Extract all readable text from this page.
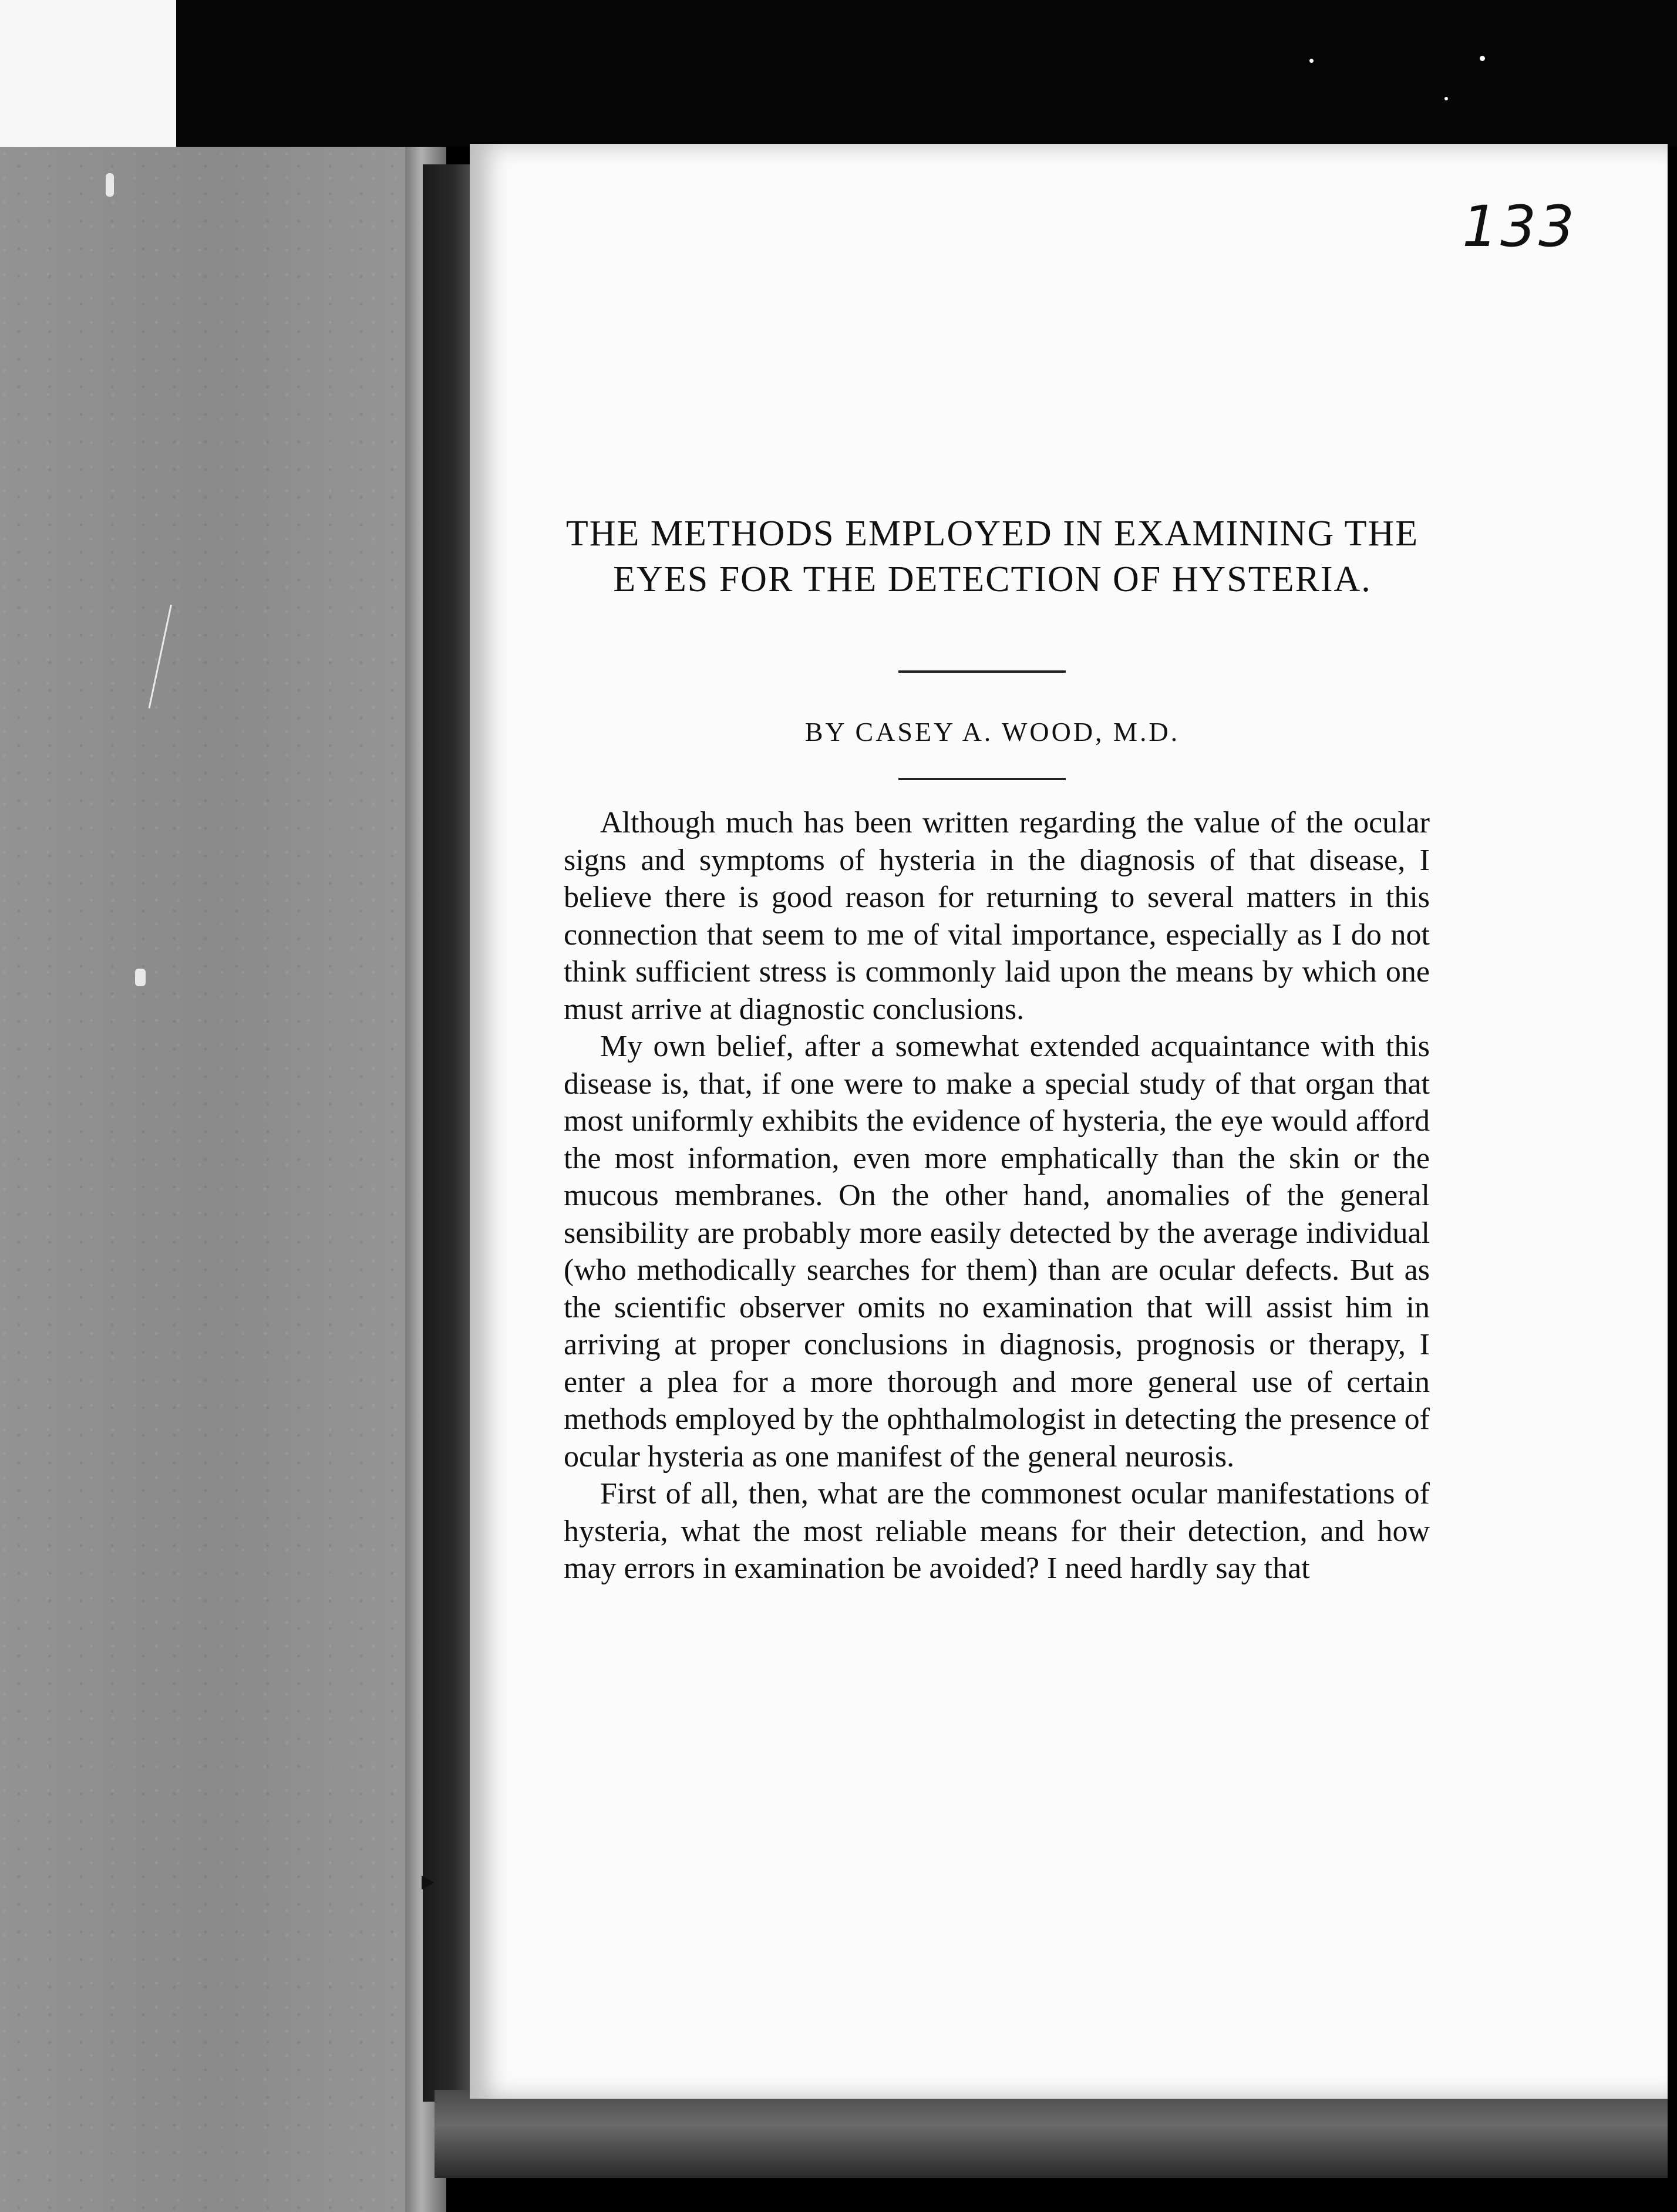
133
THE METHODS EMPLOYED IN EXAMINING THE EYES FOR THE DETECTION OF HYSTERIA.
BY CASEY A. WOOD, M.D.

Although much has been written regarding the value of the ocular signs and symptoms of hysteria in the diagnosis of that disease, I believe there is good reason for returning to several matters in this connection that seem to me of vital importance, especially as I do not think sufficient stress is commonly laid upon the means by which one must arrive at diagnostic conclusions.

My own belief, after a somewhat extended acquaintance with this disease is, that, if one were to make a special study of that organ that most uniformly exhibits the evidence of hysteria, the eye would afford the most information, even more emphatically than the skin or the mucous membranes. On the other hand, anomalies of the general sensibility are probably more easily detected by the average individual (who methodically searches for them) than are ocular defects. But as the scientific observer omits no examination that will assist him in arriving at proper conclusions in diagnosis, prognosis or therapy, I enter a plea for a more thorough and more general use of certain methods employed by the ophthalmologist in detecting the presence of ocular hysteria as one manifest of the general neurosis.

First of all, then, what are the commonest ocular manifestations of hysteria, what the most reliable means for their detection, and how may errors in examination be avoided? I need hardly say that
